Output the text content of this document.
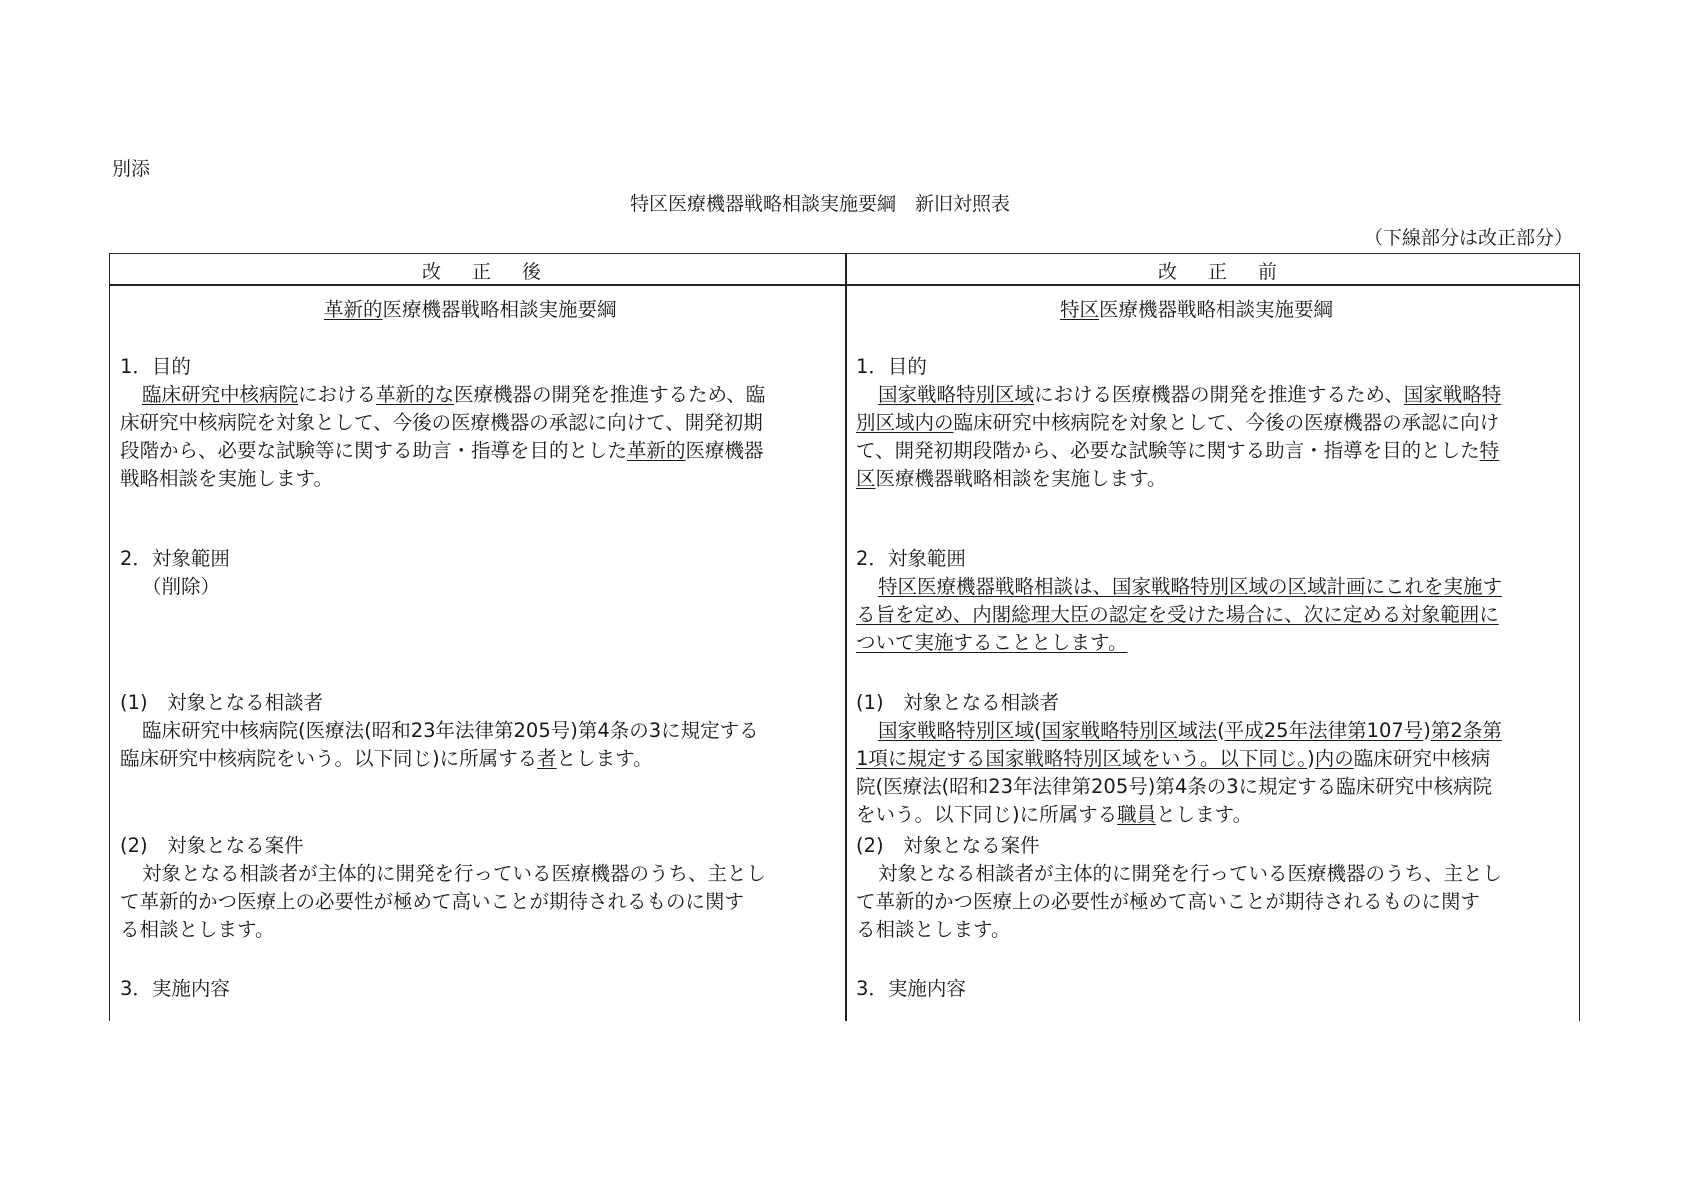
別添
特区医療機器戦略相談実施要綱　新旧対照表
（下線部分は改正部分）
改　正　後	改　正　前
革新的医療機器戦略相談実施要綱
1．目的
臨床研究中核病院における革新的な医療機器の開発を推進するため、臨
床研究中核病院を対象として、今後の医療機器の承認に向けて、開発初期
段階から、必要な試験等に関する助言・指導を目的とした革新的医療機器
戦略相談を実施します。
2．対象範囲
（削除）
(1)　対象となる相談者
臨床研究中核病院(医療法(昭和23年法律第205号)第4条の3に規定する
臨床研究中核病院をいう。以下同じ)に所属する者とします。
(2)　対象となる案件
対象となる相談者が主体的に開発を行っている医療機器のうち、主とし
て革新的かつ医療上の必要性が極めて高いことが期待されるものに関す
る相談とします。
3．実施内容
特区医療機器戦略相談実施要綱
1．目的
国家戦略特別区域における医療機器の開発を推進するため、国家戦略特
別区域内の臨床研究中核病院を対象として、今後の医療機器の承認に向け
て、開発初期段階から、必要な試験等に関する助言・指導を目的とした特
区医療機器戦略相談を実施します。
2．対象範囲
特区医療機器戦略相談は、国家戦略特別区域の区域計画にこれを実施す
る旨を定め、内閣総理大臣の認定を受けた場合に、次に定める対象範囲に
ついて実施することとします。
(1)　対象となる相談者
国家戦略特別区域(国家戦略特別区域法(平成25年法律第107号)第2条第
1項に規定する国家戦略特別区域をいう。以下同じ。)内の臨床研究中核病
院(医療法(昭和23年法律第205号)第4条の3に規定する臨床研究中核病院
をいう。以下同じ)に所属する職員とします。
(2)　対象となる案件
対象となる相談者が主体的に開発を行っている医療機器のうち、主とし
て革新的かつ医療上の必要性が極めて高いことが期待されるものに関す
る相談とします。
3．実施内容
